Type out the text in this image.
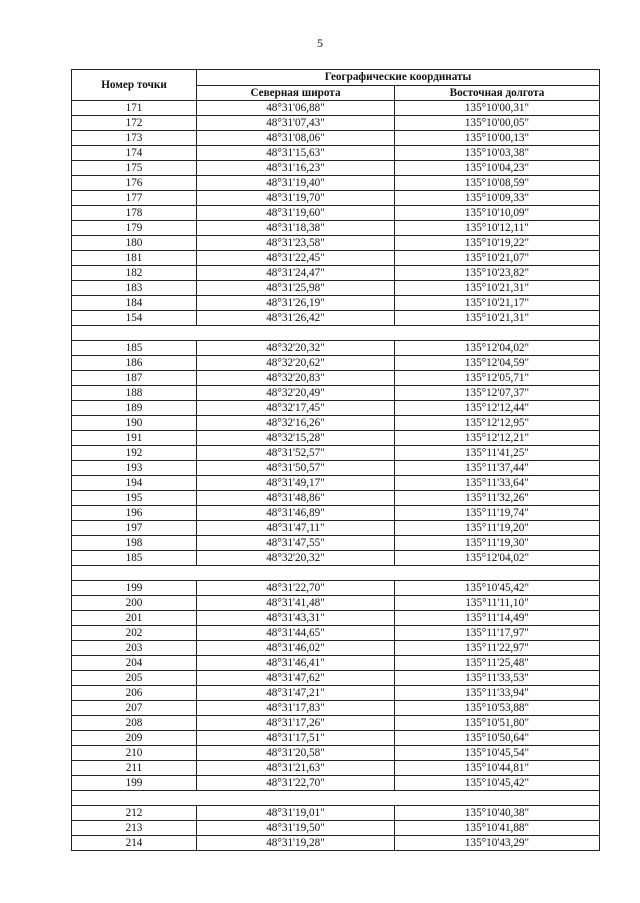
5
Номер точки	Географические координаты	
	Северная широта	Восточная долгота
171	48°31'06,88"	135°10'00,31"
172	48°31'07,43"	135°10'00,05"
173	48°31'08,06"	135°10'00,13"
174	48°31'15,63"	135°10'03,38"
175	48°31'16,23"	135°10'04,23"
176	48°31'19,40"	135°10'08,59"
177	48°31'19,70"	135°10'09,33"
178	48°31'19,60"	135°10'10,09"
179	48°31'18,38"	135°10'12,11"
180	48°31'23,58"	135°10'19,22"
181	48°31'22,45"	135°10'21,07"
182	48°31'24,47"	135°10'23,82"
183	48°31'25,98"	135°10'21,31"
184	48°31'26,19"	135°10'21,17"
154	48°31'26,42"	135°10'21,31"

185	48°32'20,32"	135°12'04,02"
186	48°32'20,62"	135°12'04,59"
187	48°32'20,83"	135°12'05,71"
188	48°32'20,49"	135°12'07,37"
189	48°32'17,45"	135°12'12,44"
190	48°32'16,26"	135°12'12,95"
191	48°32'15,28"	135°12'12,21"
192	48°31'52,57"	135°11'41,25"
193	48°31'50,57"	135°11'37,44"
194	48°31'49,17"	135°11'33,64"
195	48°31'48,86"	135°11'32,26"
196	48°31'46,89"	135°11'19,74"
197	48°31'47,11"	135°11'19,20"
198	48°31'47,55"	135°11'19,30"
185	48°32'20,32"	135°12'04,02"

199	48°31'22,70"	135°10'45,42"
200	48°31'41,48"	135°11'11,10"
201	48°31'43,31"	135°11'14,49"
202	48°31'44,65"	135°11'17,97"
203	48°31'46,02"	135°11'22,97"
204	48°31'46,41"	135°11'25,48"
205	48°31'47,62"	135°11'33,53"
206	48°31'47,21"	135°11'33,94"
207	48°31'17,83"	135°10'53,88"
208	48°31'17,26"	135°10'51,80"
209	48°31'17,51"	135°10'50,64"
210	48°31'20,58"	135°10'45,54"
211	48°31'21,63"	135°10'44,81"
199	48°31'22,70"	135°10'45,42"

212	48°31'19,01"	135°10'40,38"
213	48°31'19,50"	135°10'41,88"
214	48°31'19,28"	135°10'43,29"
